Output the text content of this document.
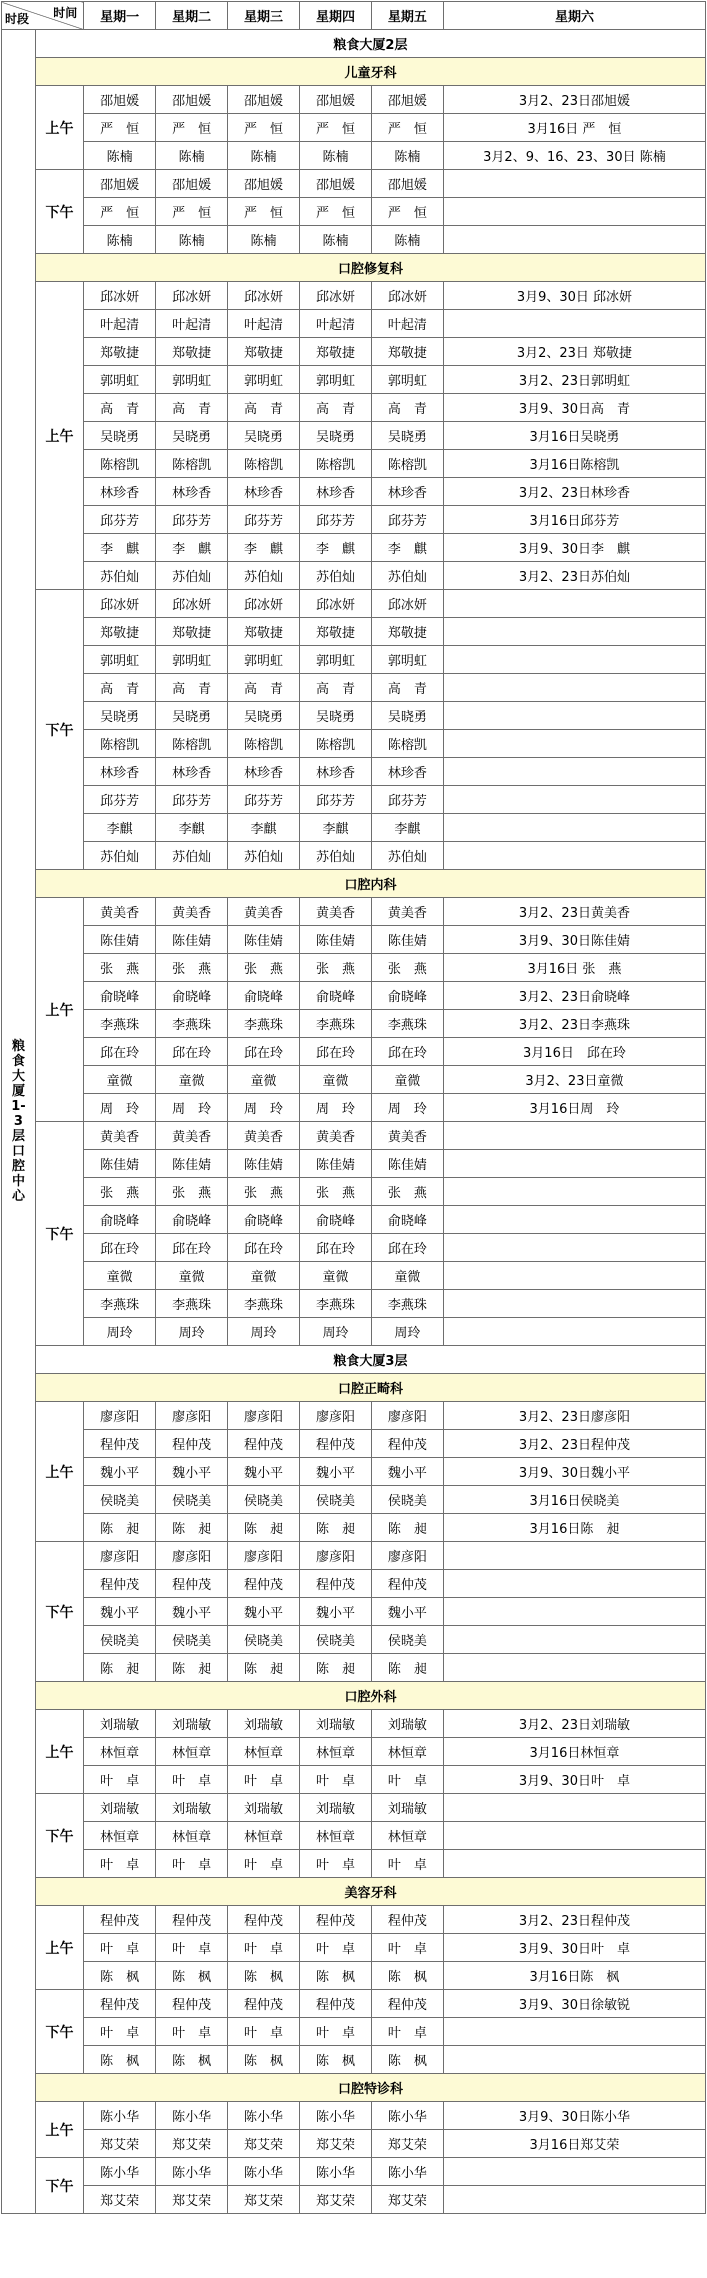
时间
时段		星期一	星期二	星期三	星期四	星期五	星期六
粮食大厦1-3层口腔中心	粮食大厦2层						
	儿童牙科						
	上午	邵旭媛	邵旭媛	邵旭媛	邵旭媛	邵旭媛	3月2、23日邵旭媛
		严　恒	严　恒	严　恒	严　恒	严　恒	3月16日 严　恒
		陈楠	陈楠	陈楠	陈楠	陈楠	3月2、9、16、23、30日 陈楠
	下午	邵旭媛	邵旭媛	邵旭媛	邵旭媛	邵旭媛	
		严　恒	严　恒	严　恒	严　恒	严　恒	
		陈楠	陈楠	陈楠	陈楠	陈楠	
	口腔修复科						
	上午	邱冰妍	邱冰妍	邱冰妍	邱冰妍	邱冰妍	3月9、30日 邱冰妍
		叶起清	叶起清	叶起清	叶起清	叶起清	
		郑敬捷	郑敬捷	郑敬捷	郑敬捷	郑敬捷	3月2、23日 郑敬捷
		郭明虹	郭明虹	郭明虹	郭明虹	郭明虹	3月2、23日郭明虹
		高　青	高　青	高　青	高　青	高　青	3月9、30日高　青
		吴晓勇	吴晓勇	吴晓勇	吴晓勇	吴晓勇	3月16日吴晓勇
		陈榕凯	陈榕凯	陈榕凯	陈榕凯	陈榕凯	3月16日陈榕凯
		林珍香	林珍香	林珍香	林珍香	林珍香	3月2、23日林珍香
		邱芬芳	邱芬芳	邱芬芳	邱芬芳	邱芬芳	3月16日邱芬芳
		李　麒	李　麒	李　麒	李　麒	李　麒	3月9、30日李　麒
		苏伯灿	苏伯灿	苏伯灿	苏伯灿	苏伯灿	3月2、23日苏伯灿
	下午	邱冰妍	邱冰妍	邱冰妍	邱冰妍	邱冰妍	
		郑敬捷	郑敬捷	郑敬捷	郑敬捷	郑敬捷	
		郭明虹	郭明虹	郭明虹	郭明虹	郭明虹	
		高　青	高　青	高　青	高　青	高　青	
		吴晓勇	吴晓勇	吴晓勇	吴晓勇	吴晓勇	
		陈榕凯	陈榕凯	陈榕凯	陈榕凯	陈榕凯	
		林珍香	林珍香	林珍香	林珍香	林珍香	
		邱芬芳	邱芬芳	邱芬芳	邱芬芳	邱芬芳	
		李麒	李麒	李麒	李麒	李麒	
		苏伯灿	苏伯灿	苏伯灿	苏伯灿	苏伯灿	
	口腔内科						
	上午	黄美香	黄美香	黄美香	黄美香	黄美香	3月2、23日黄美香
		陈佳婧	陈佳婧	陈佳婧	陈佳婧	陈佳婧	3月9、30日陈佳婧
		张　燕	张　燕	张　燕	张　燕	张　燕	3月16日 张　燕
		俞晓峰	俞晓峰	俞晓峰	俞晓峰	俞晓峰	3月2、23日俞晓峰
		李燕珠	李燕珠	李燕珠	李燕珠	李燕珠	3月2、23日李燕珠
		邱在玲	邱在玲	邱在玲	邱在玲	邱在玲	3月16日　邱在玲
		童微	童微	童微	童微	童微	3月2、23日童微
		周　玲	周　玲	周　玲	周　玲	周　玲	3月16日周　玲
	下午	黄美香	黄美香	黄美香	黄美香	黄美香	
		陈佳婧	陈佳婧	陈佳婧	陈佳婧	陈佳婧	
		张　燕	张　燕	张　燕	张　燕	张　燕	
		俞晓峰	俞晓峰	俞晓峰	俞晓峰	俞晓峰	
		邱在玲	邱在玲	邱在玲	邱在玲	邱在玲	
		童微	童微	童微	童微	童微	
		李燕珠	李燕珠	李燕珠	李燕珠	李燕珠	
		周玲	周玲	周玲	周玲	周玲	
	粮食大厦3层						
	口腔正畸科						
	上午	廖彦阳	廖彦阳	廖彦阳	廖彦阳	廖彦阳	3月2、23日廖彦阳
		程仲茂	程仲茂	程仲茂	程仲茂	程仲茂	3月2、23日程仲茂
		魏小平	魏小平	魏小平	魏小平	魏小平	3月9、30日魏小平
		侯晓美	侯晓美	侯晓美	侯晓美	侯晓美	3月16日侯晓美
		陈　昶	陈　昶	陈　昶	陈　昶	陈　昶	3月16日陈　昶
	下午	廖彦阳	廖彦阳	廖彦阳	廖彦阳	廖彦阳	
		程仲茂	程仲茂	程仲茂	程仲茂	程仲茂	
		魏小平	魏小平	魏小平	魏小平	魏小平	
		侯晓美	侯晓美	侯晓美	侯晓美	侯晓美	
		陈　昶	陈　昶	陈　昶	陈　昶	陈　昶	
	口腔外科						
	上午	刘瑞敏	刘瑞敏	刘瑞敏	刘瑞敏	刘瑞敏	3月2、23日刘瑞敏
		林恒章	林恒章	林恒章	林恒章	林恒章	3月16日林恒章
		叶　卓	叶　卓	叶　卓	叶　卓	叶　卓	3月9、30日叶　卓
	下午	刘瑞敏	刘瑞敏	刘瑞敏	刘瑞敏	刘瑞敏	
		林恒章	林恒章	林恒章	林恒章	林恒章	
		叶　卓	叶　卓	叶　卓	叶　卓	叶　卓	
	美容牙科						
	上午	程仲茂	程仲茂	程仲茂	程仲茂	程仲茂	3月2、23日程仲茂
		叶　卓	叶　卓	叶　卓	叶　卓	叶　卓	3月9、30日叶　卓
		陈　枫	陈　枫	陈　枫	陈　枫	陈　枫	3月16日陈　枫
	下午	程仲茂	程仲茂	程仲茂	程仲茂	程仲茂	3月9、30日徐敏锐
		叶　卓	叶　卓	叶　卓	叶　卓	叶　卓	
		陈　枫	陈　枫	陈　枫	陈　枫	陈　枫	
	口腔特诊科						
	上午	陈小华	陈小华	陈小华	陈小华	陈小华	3月9、30日陈小华
		郑艾荣	郑艾荣	郑艾荣	郑艾荣	郑艾荣	3月16日郑艾荣
	下午	陈小华	陈小华	陈小华	陈小华	陈小华	
		郑艾荣	郑艾荣	郑艾荣	郑艾荣	郑艾荣	
